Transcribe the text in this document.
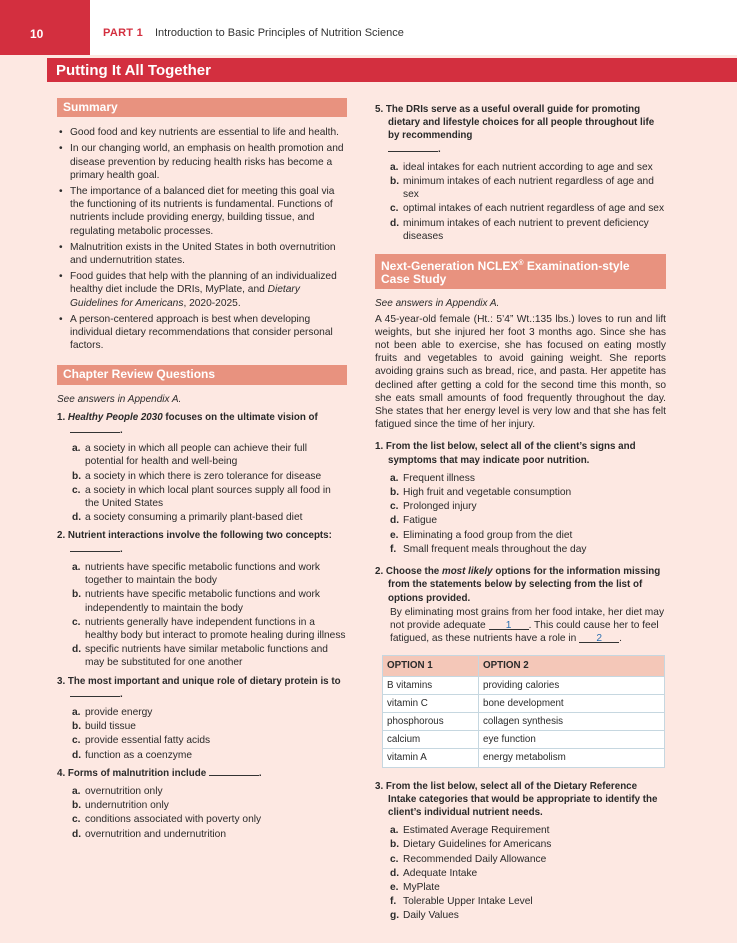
10	PART 1 Introduction to Basic Principles of Nutrition Science
Putting It All Together
Summary
• Good food and key nutrients are essential to life and health.
• In our changing world, an emphasis on health promotion and disease prevention by reducing health risks has become a primary health goal.
• The importance of a balanced diet for meeting this goal via the functioning of its nutrients is fundamental. Functions of nutrients include providing energy, building tissue, and regulating metabolic processes.
• Malnutrition exists in the United States in both overnutrition and undernutrition states.
• Food guides that help with the planning of an individualized healthy diet include the DRIs, MyPlate, and Dietary Guidelines for Americans, 2020-2025.
• A person-centered approach is best when developing individual dietary recommendations that consider personal factors.
Chapter Review Questions
See answers in Appendix A.
1. Healthy People 2030 focuses on the ultimate vision of
.
a. a society in which all people can achieve their full potential for health and well-being
b. a society in which there is zero tolerance for disease
c. a society in which local plant sources supply all food in the United States
d. a society consuming a primarily plant-based diet
2. Nutrient interactions involve the following two concepts:
.
a. nutrients have specific metabolic functions and work together to maintain the body
b. nutrients have specific metabolic functions and work independently to maintain the body
c. nutrients generally have independent functions in a healthy body but interact to promote healing during illness
d. specific nutrients have similar metabolic functions and may be substituted for one another
3. The most important and unique role of dietary protein is to
.
a. provide energy
b. build tissue
c. provide essential fatty acids
d. function as a coenzyme
4. Forms of malnutrition include	.
a. overnutrition only
b. undernutrition only
c. conditions associated with poverty only
d. overnutrition and undernutrition
5. The DRIs serve as a useful overall guide for promoting dietary and lifestyle choices for all people throughout life by recommending
.
a. ideal intakes for each nutrient according to age and sex
b. minimum intakes of each nutrient regardless of age and sex
c. optimal intakes of each nutrient regardless of age and sex
d. minimum intakes of each nutrient to prevent deficiency diseases
Next-Generation NCLEX® Examination-style Case Study
See answers in Appendix A.
A 45-year-old female (Ht.: 5’4” Wt.:135 lbs.) loves to run and lift weights, but she injured her foot 3 months ago. Since she has not been able to exercise, she has focused on eating mostly fruits and vegetables to avoid gaining weight. She reports avoiding grains such as bread, rice, and pasta. Her appetite has declined after getting a cold for the second time this month, so she eats small amounts of food frequently throughout the day. She states that her energy level is very low and that she has felt fatigued since the time of her injury.
1. From the list below, select all of the client’s signs and symptoms that may indicate poor nutrition.
a. Frequent illness
b. High fruit and vegetable consumption
c. Prolonged injury
d. Fatigue
e. Eliminating a food group from the diet
f. Small frequent meals throughout the day
2. Choose the most likely options for the information missing from the statements below by selecting from the list of options provided.
By eliminating most grains from her food intake, her diet may not provide adequate 1 . This could cause her to feel fatigued, as these nutrients have a role in 2 .
OPTION 1	OPTION 2
B vitamins	providing calories
vitamin C	bone development
phosphorous	collagen synthesis
calcium	eye function
vitamin A	energy metabolism
3. From the list below, select all of the Dietary Reference Intake categories that would be appropriate to identify the client’s individual nutrient needs.
a. Estimated Average Requirement
b. Dietary Guidelines for Americans
c. Recommended Daily Allowance
d. Adequate Intake
e. MyPlate
f. Tolerable Upper Intake Level
g. Daily Values
